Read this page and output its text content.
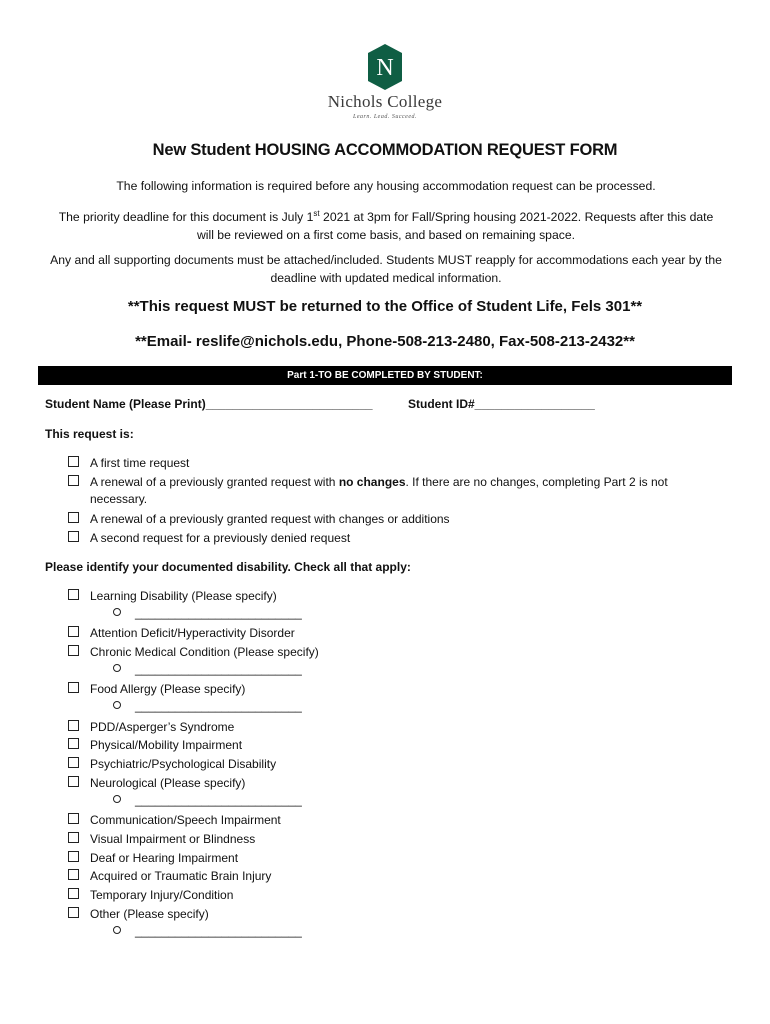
N
Nichols College
Learn. Lead. Succeed.
New Student HOUSING ACCOMMODATION REQUEST FORM
The following information is required before any housing accommodation request can be processed.
The priority deadline for this document is July 1st 2021 at 3pm for Fall/Spring housing 2021-2022. Requests after this date will be reviewed on a first come basis, and based on remaining space.
Any and all supporting documents must be attached/included. Students MUST reapply for accommodations each year by the deadline with updated medical information.
**This request MUST be returned to the Office of Student Life, Fels 301**
**Email- reslife@nichols.edu, Phone-508-213-2480, Fax-508-213-2432**
Part 1-TO BE COMPLETED BY STUDENT:
Student Name (Please Print)_________________________	Student ID#__________________
This request is:
A first time request
A renewal of a previously granted request with no changes. If there are no changes, completing Part 2 is not
necessary.
A renewal of a previously granted request with changes or additions
A second request for a previously denied request
Please identify your documented disability. Check all that apply:
Learning Disability (Please specify)
_________________________
Attention Deficit/Hyperactivity Disorder
Chronic Medical Condition (Please specify)
_________________________
Food Allergy (Please specify)
_________________________
PDD/Asperger’s Syndrome
Physical/Mobility Impairment
Psychiatric/Psychological Disability
Neurological (Please specify)
_________________________
Communication/Speech Impairment
Visual Impairment or Blindness
Deaf or Hearing Impairment
Acquired or Traumatic Brain Injury
Temporary Injury/Condition
Other (Please specify)
_________________________
